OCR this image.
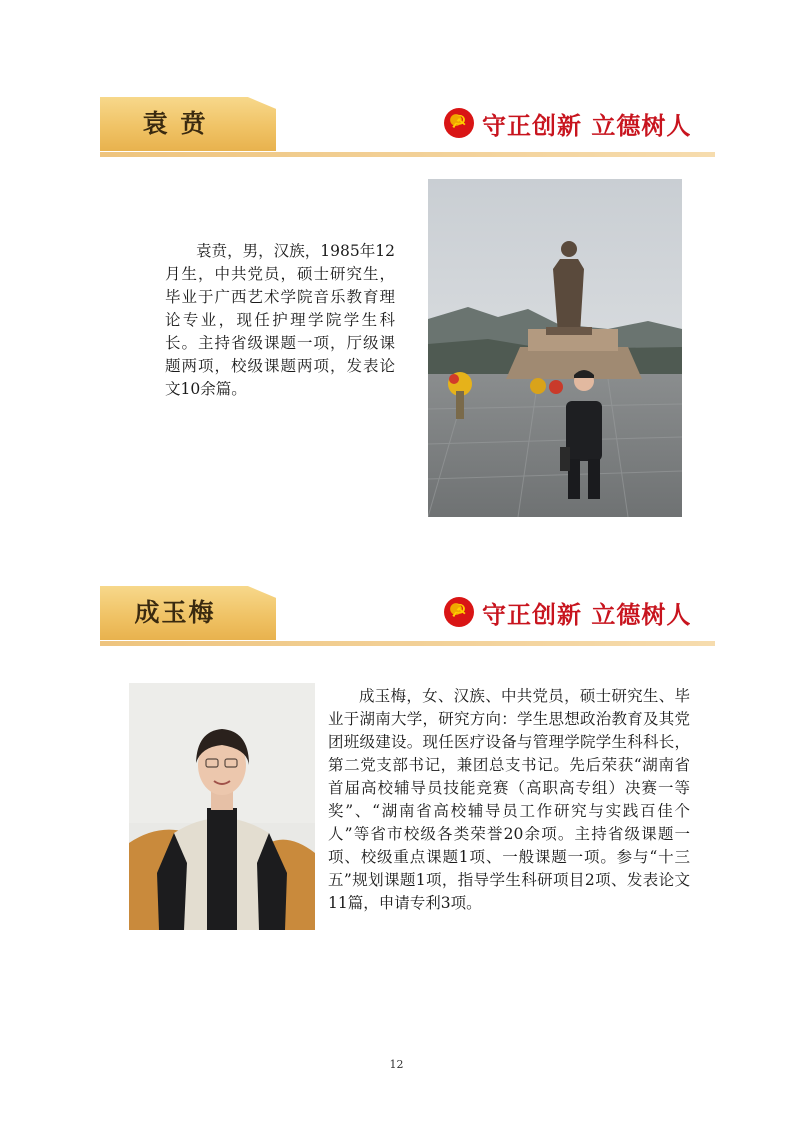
袁 贲	☭ 守正创新 立德树人

袁贲，男，汉族，1985年12月生，中共党员，硕士研究生，毕业于广西艺术学院音乐教育理论专业，现任护理学院学生科长。主持省级课题一项，厅级课题两项，校级课题两项，发表论文10余篇。

成玉梅	☭ 守正创新 立德树人

成玉梅，女、汉族、中共党员，硕士研究生、毕业于湖南大学，研究方向：学生思想政治教育及其党团班级建设。现任医疗设备与管理学院学生科科长，第二党支部书记，兼团总支书记。先后荣获“湖南省首届高校辅导员技能竞赛（高职高专组）决赛一等奖”、“湖南省高校辅导员工作研究与实践百佳个人”等省市校级各类荣誉20余项。主持省级课题一项、校级重点课题1项、一般课题一项。参与“十三五”规划课题1项，指导学生科研项目2项、发表论文11篇，申请专利3项。

12
